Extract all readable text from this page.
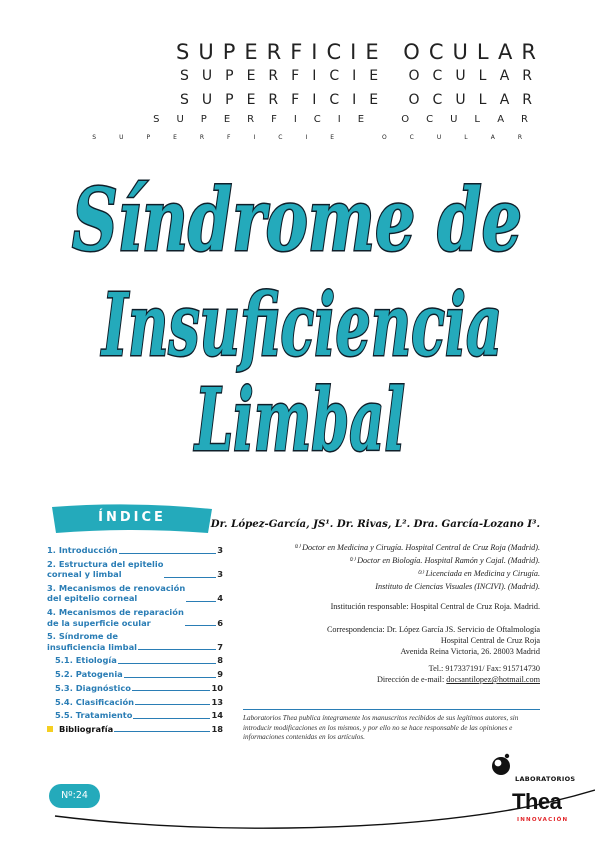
SUPERFICIE OCULAR
SUPERFICIE OCULAR
SUPERFICIE OCULAR
SUPERFICIE OCULAR
SUPERFICIE OCULAR
Síndrome de
Insuficiencia
Limbal
ÍNDICE
1. Introducción	3
2. Estructura del epitelio
corneal y limbal	3
3. Mecanismos de renovación
del epitelio corneal	4
4. Mecanismos de reparación
de la superficie ocular	6
5. Síndrome de
insuficiencia limbal	7
5.1. Etiología	8
5.2. Patogenia	9
5.3. Diagnóstico	10
5.4. Clasificación	13
5.5. Tratamiento	14
Bibliografía	18
Dr. López-García, JS¹. Dr. Rivas, L². Dra. García-Lozano I³.
⁽¹⁾ Doctor en Medicina y Cirugía. Hospital Central de Cruz Roja (Madrid).
⁽²⁾ Doctor en Biología. Hospital Ramón y Cajal. (Madrid).
⁽³⁾ Licenciada en Medicina y Cirugía.
Instituto de Ciencias Visuales (INCIVI). (Madrid).
Institución responsable: Hospital Central de Cruz Roja. Madrid.
Correspondencia: Dr. López García JS. Servicio de Oftalmología
Hospital Central de Cruz Roja
Avenida Reina Victoria, 26. 28003 Madrid
Tel.: 917337191/ Fax: 915714730
Dirección de e-mail: docsantilopez@hotmail.com
Laboratorios Thea publica íntegramente los manuscritos recibidos de sus legítimos autores, sin introducir modificaciones en los mismos, y por ello no se hace responsable de las opiniones e informaciones contenidas en los artículos.
Nº:24
LABORATORIOS
Thea
INNOVACIÓN
